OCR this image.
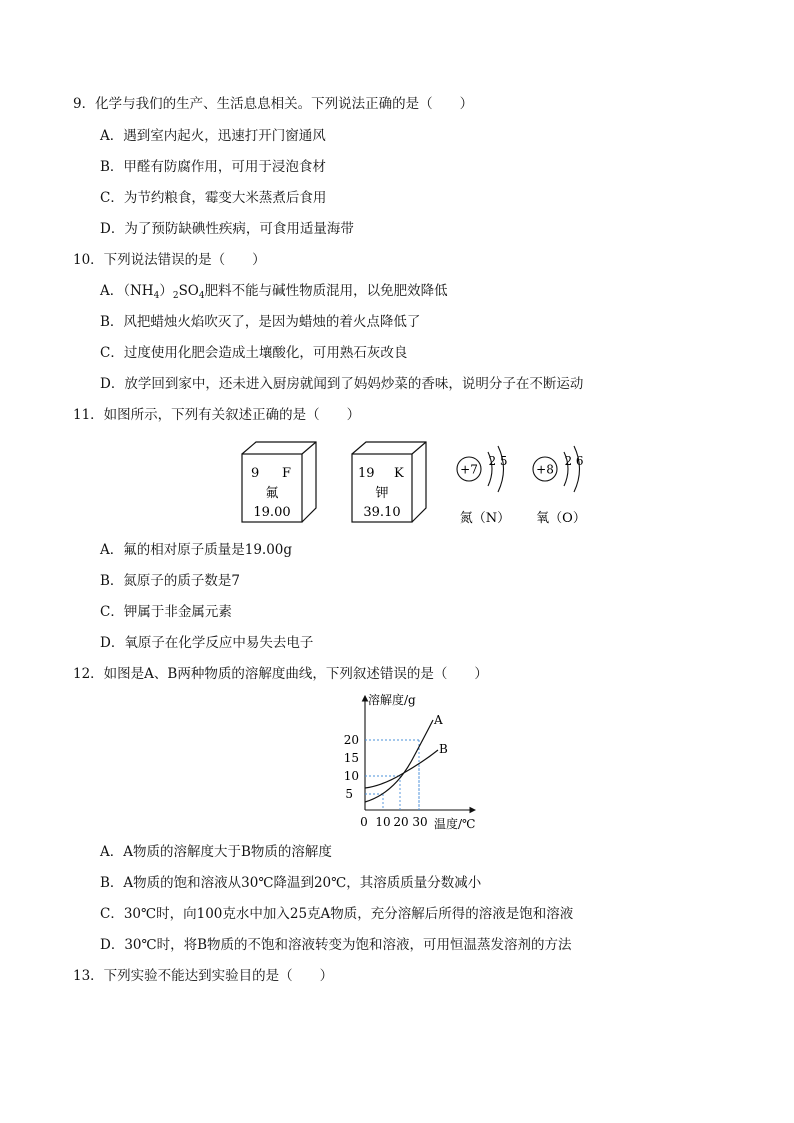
9．化学与我们的生产、生活息息相关。下列说法正确的是（　　）
A．遇到室内起火，迅速打开门窗通风
B．甲醛有防腐作用，可用于浸泡食材
C．为节约粮食，霉变大米蒸煮后食用
D．为了预防缺碘性疾病，可食用适量海带
10．下列说法错误的是（　　）
A．$(NH_4)_2SO_4$肥料不能与碱性物质混用，以免肥效降低
B．风把蜡烛火焰吹灭了，是因为蜡烛的着火点降低了
C．过度使用化肥会造成土壤酸化，可用熟石灰改良
D．放学回到家中，还未进入厨房就闻到了妈妈炒菜的香味，说明分子在不断运动
11．如图所示，下列有关叙述正确的是（　　）
9 F
氟
19.00
19 K
钾
39.10
+7
2 5
氮（N）
+8
2 6
氧（O）
A．氟的相对原子质量是19.00g
B．氮原子的质子数是7
C．钾属于非金属元素
D．氧原子在化学反应中易失去电子
12．如图是A、B两种物质的溶解度曲线，下列叙述错误的是（　　）
A
B
溶解度/g
温度/℃
20
15
10
5
0 10 20 30
A．A物质的溶解度大于B物质的溶解度
B．A物质的饱和溶液从30℃降温到20℃，其溶质质量分数减小
C．30℃时，向100克水中加入25克A物质，充分溶解后所得的溶液是饱和溶液
D．30℃时，将B物质的不饱和溶液转变为饱和溶液，可用恒温蒸发溶剂的方法
13．下列实验不能达到实验目的是（　　）
